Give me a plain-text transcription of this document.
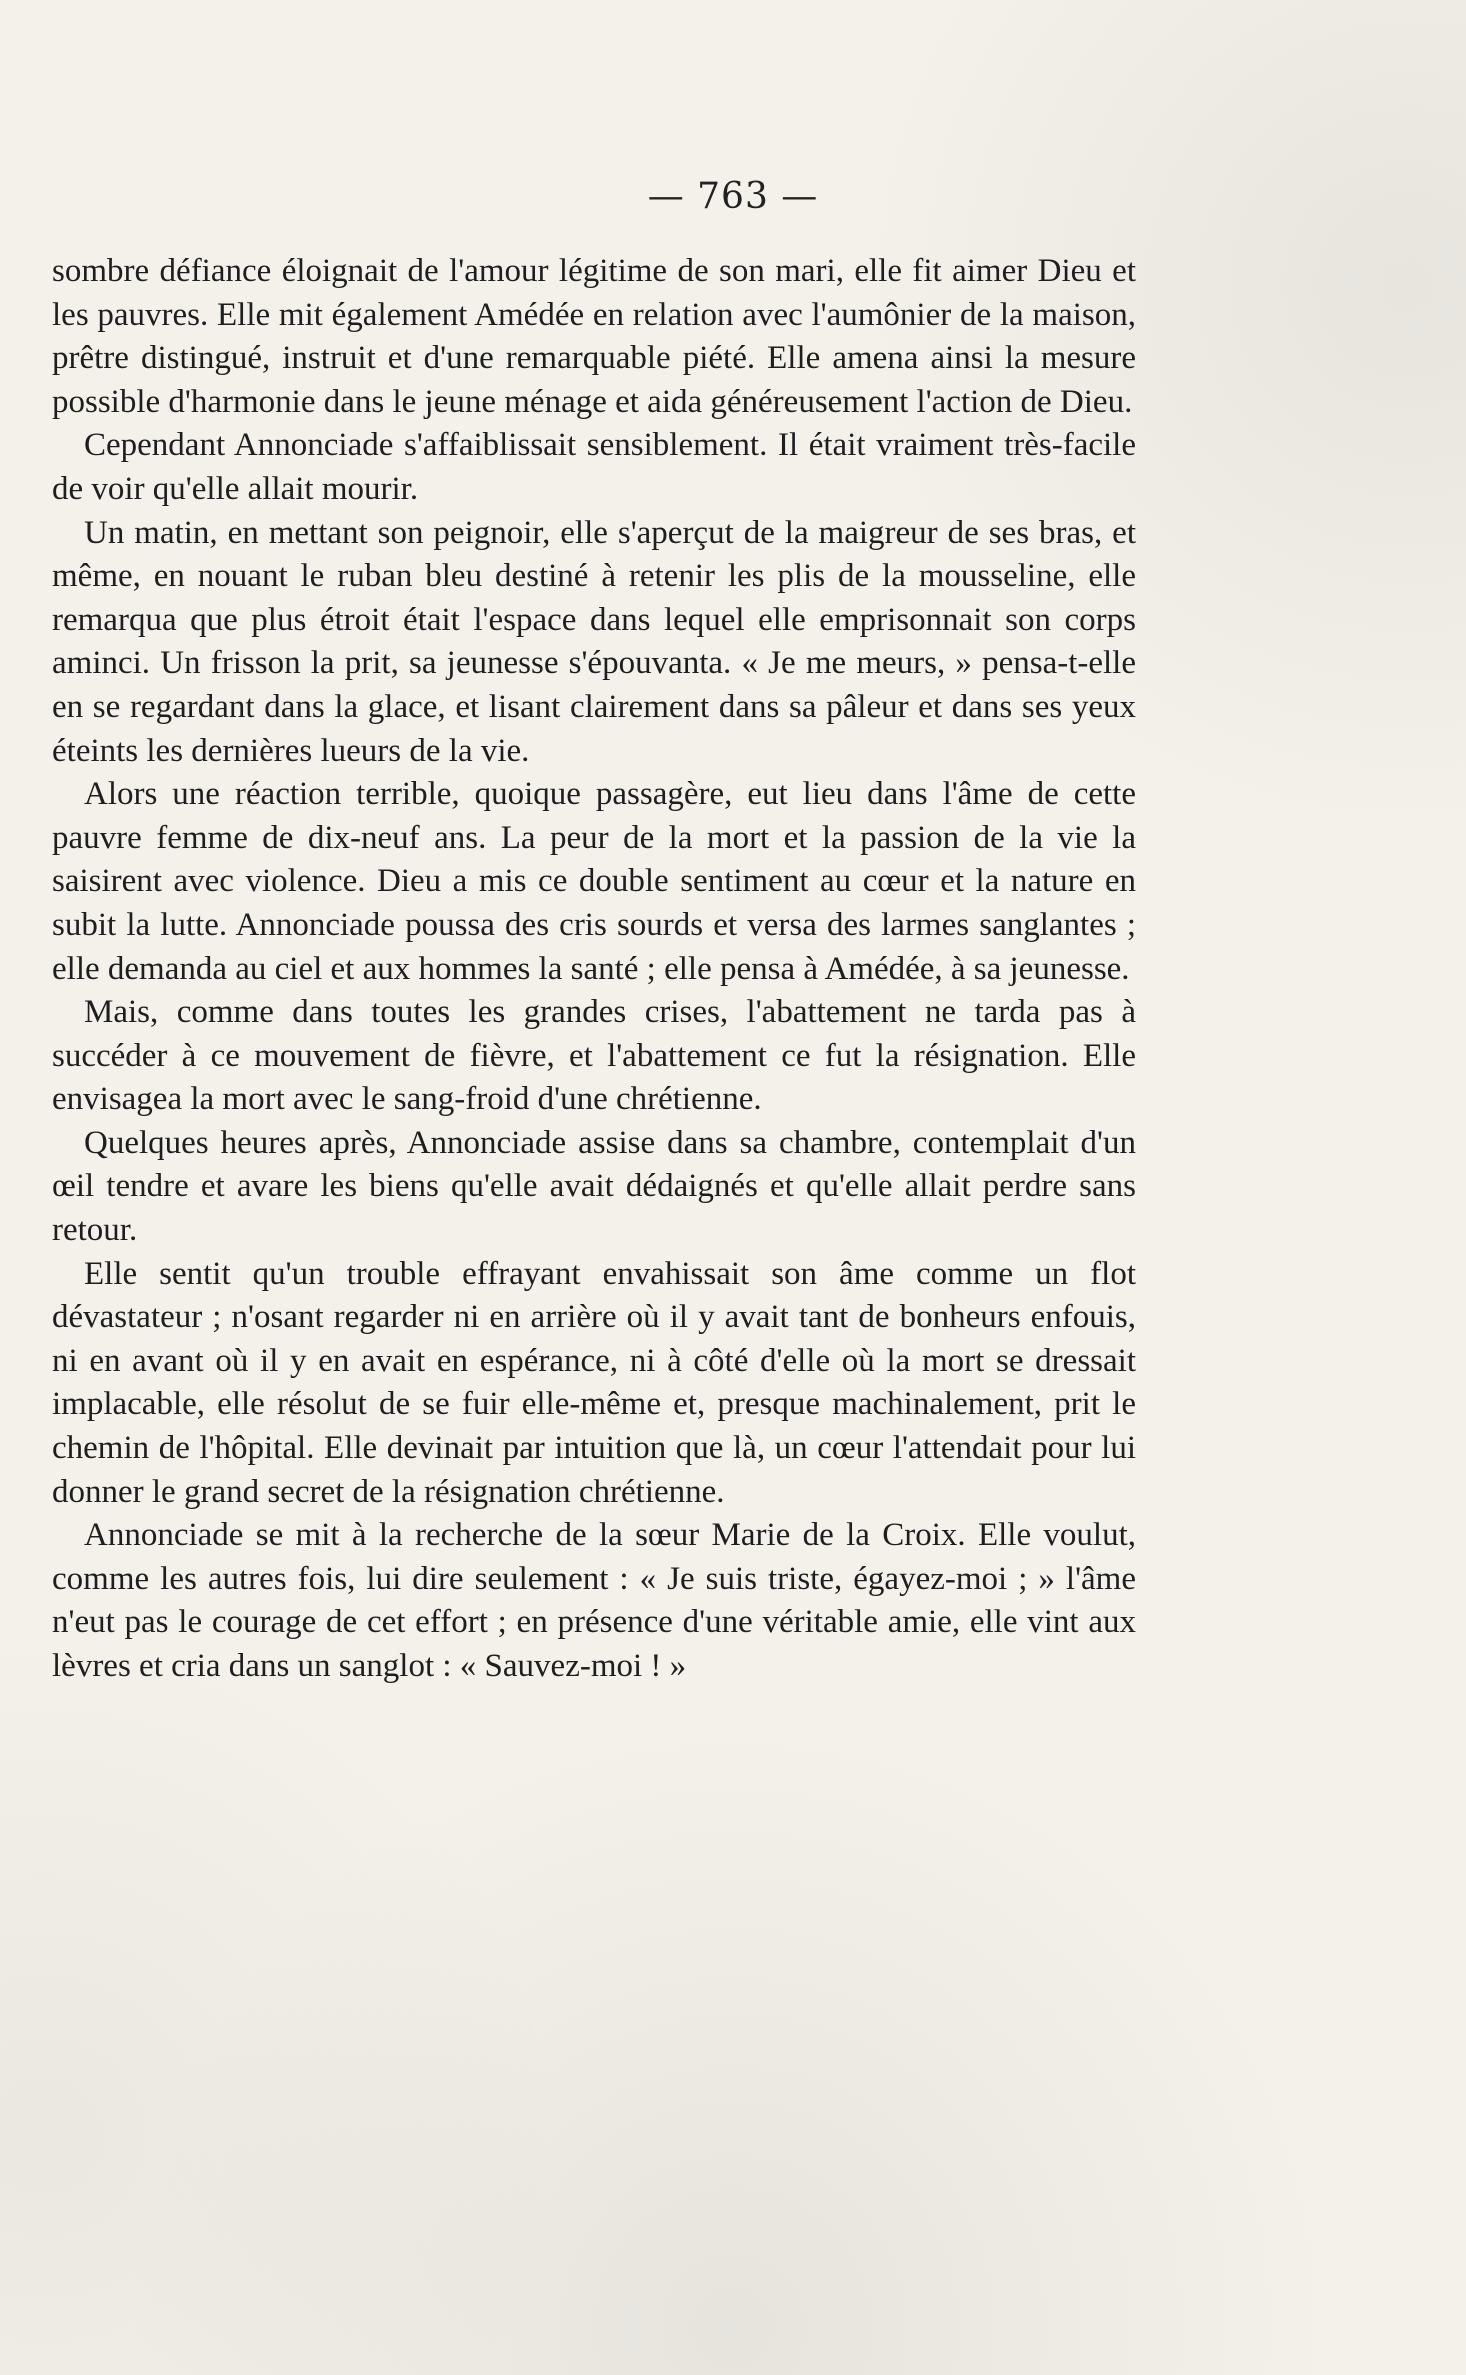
— 763 —

sombre défiance éloignait de l'amour légitime de son mari, elle fit aimer Dieu et les pauvres. Elle mit également Amédée en relation avec l'aumônier de la maison, prêtre distingué, instruit et d'une remarquable piété. Elle amena ainsi la mesure possible d'harmonie dans le jeune ménage et aida généreusement l'action de Dieu.

Cependant Annonciade s'affaiblissait sensiblement. Il était vraiment très-facile de voir qu'elle allait mourir.

Un matin, en mettant son peignoir, elle s'aperçut de la maigreur de ses bras, et même, en nouant le ruban bleu destiné à retenir les plis de la mousseline, elle remarqua que plus étroit était l'espace dans lequel elle emprisonnait son corps aminci. Un frisson la prit, sa jeunesse s'épouvanta. « Je me meurs, » pensa-t-elle en se regardant dans la glace, et lisant clairement dans sa pâleur et dans ses yeux éteints les dernières lueurs de la vie.

Alors une réaction terrible, quoique passagère, eut lieu dans l'âme de cette pauvre femme de dix-neuf ans. La peur de la mort et la passion de la vie la saisirent avec violence. Dieu a mis ce double sentiment au cœur et la nature en subit la lutte. Annonciade poussa des cris sourds et versa des larmes sanglantes ; elle demanda au ciel et aux hommes la santé ; elle pensa à Amédée, à sa jeunesse.

Mais, comme dans toutes les grandes crises, l'abattement ne tarda pas à succéder à ce mouvement de fièvre, et l'abattement ce fut la résignation. Elle envisagea la mort avec le sang-froid d'une chrétienne.

Quelques heures après, Annonciade assise dans sa chambre, contemplait d'un œil tendre et avare les biens qu'elle avait dédaignés et qu'elle allait perdre sans retour.

Elle sentit qu'un trouble effrayant envahissait son âme comme un flot dévastateur ; n'osant regarder ni en arrière où il y avait tant de bonheurs enfouis, ni en avant où il y en avait en espérance, ni à côté d'elle où la mort se dressait implacable, elle résolut de se fuir elle-même et, presque machinalement, prit le chemin de l'hôpital. Elle devinait par intuition que là, un cœur l'attendait pour lui donner le grand secret de la résignation chrétienne.

Annonciade se mit à la recherche de la sœur Marie de la Croix. Elle voulut, comme les autres fois, lui dire seulement : « Je suis triste, égayez-moi ; » l'âme n'eut pas le courage de cet effort ; en présence d'une véritable amie, elle vint aux lèvres et cria dans un sanglot : « Sauvez-moi ! »
